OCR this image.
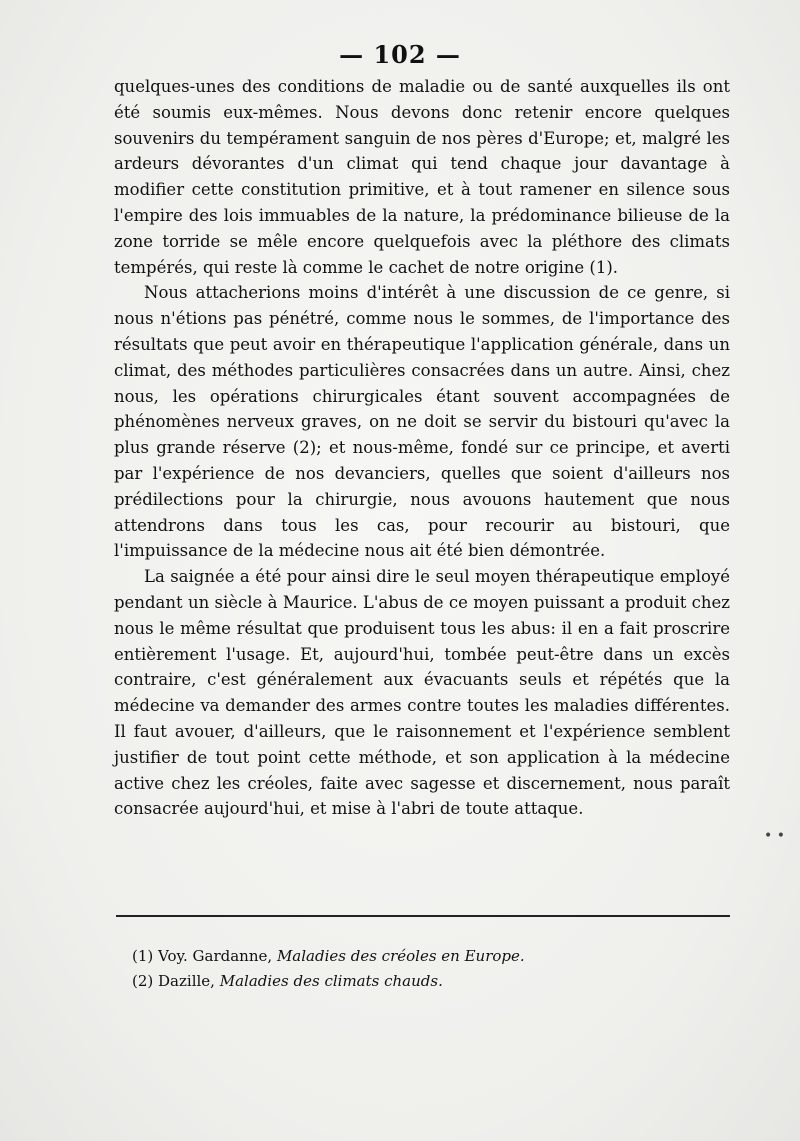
— 102 —

quelques-unes des conditions de maladie ou de santé auxquelles ils ont été soumis eux-mêmes. Nous devons donc retenir encore quelques souvenirs du tempérament sanguin de nos pères d'Europe; et, malgré les ardeurs dévorantes d'un climat qui tend chaque jour davantage à modifier cette constitution primitive, et à tout ramener en silence sous l'empire des lois immuables de la nature, la prédominance bilieuse de la zone torride se mêle encore quelquefois avec la pléthore des climats tempérés, qui reste là comme le cachet de notre origine (1).

Nous attacherions moins d'intérêt à une discussion de ce genre, si nous n'étions pas pénétré, comme nous le sommes, de l'importance des résultats que peut avoir en thérapeutique l'application générale, dans un climat, des méthodes particulières consacrées dans un autre. Ainsi, chez nous, les opérations chirurgicales étant souvent accompagnées de phénomènes nerveux graves, on ne doit se servir du bistouri qu'avec la plus grande réserve (2); et nous-même, fondé sur ce principe, et averti par l'expérience de nos devanciers, quelles que soient d'ailleurs nos prédilections pour la chirurgie, nous avouons hautement que nous attendrons dans tous les cas, pour recourir au bistouri, que l'impuissance de la médecine nous ait été bien démontrée.

La saignée a été pour ainsi dire le seul moyen thérapeutique employé pendant un siècle à Maurice. L'abus de ce moyen puissant a produit chez nous le même résultat que produisent tous les abus: il en a fait proscrire entièrement l'usage. Et, aujourd'hui, tombée peut-être dans un excès contraire, c'est généralement aux évacuants seuls et répétés que la médecine va demander des armes contre toutes les maladies différentes. Il faut avouer, d'ailleurs, que le raisonnement et l'expérience semblent justifier de tout point cette méthode, et son application à la médecine active chez les créoles, faite avec sagesse et discernement, nous paraît consacrée aujourd'hui, et mise à l'abri de toute attaque.

• •
(1) Voy. Gardanne, Maladies des créoles en Europe.
(2) Dazille, Maladies des climats chauds.
